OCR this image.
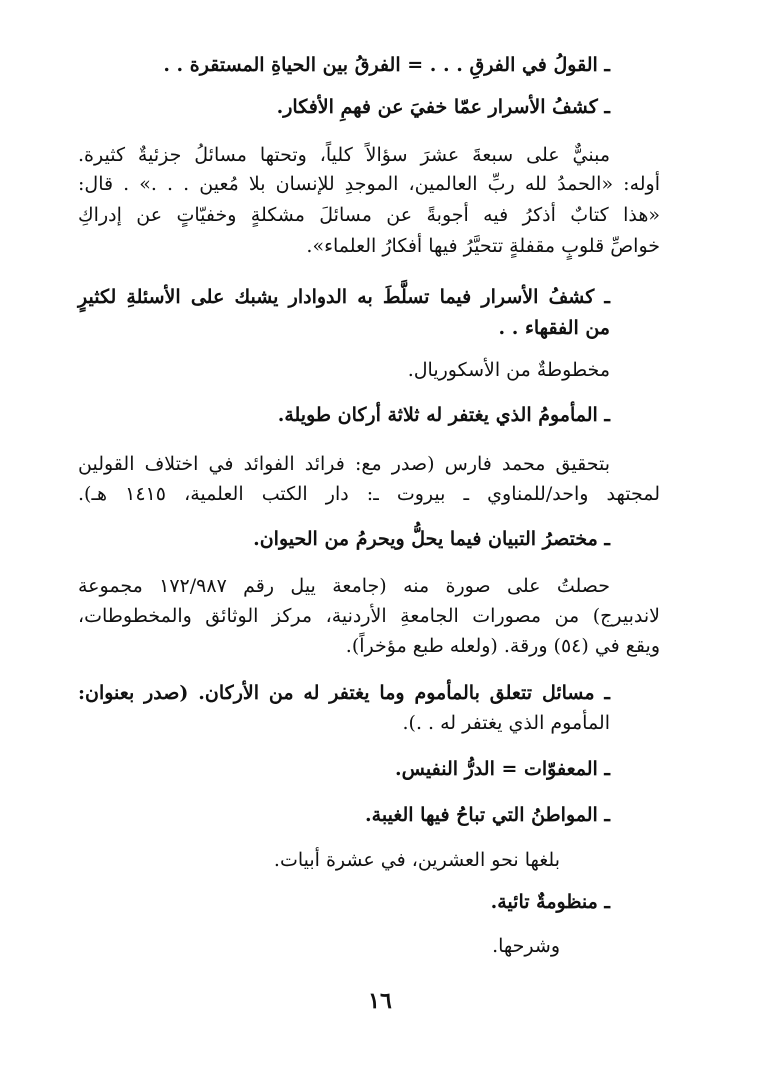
ـ القولُ في الفرقِ . . . = الفرقُ بين الحياةِ المستقرة . .
ـ كشفُ الأسرار عمّا خفيَ عن فهمِ الأفكار.
مبنيٌّ على سبعةَ عشرَ سؤالاً كلياً، وتحتها مسائلُ جزئيةٌ كثيرة.
أوله: «الحمدُ لله ربِّ العالمين، الموجدِ للإنسان بلا مُعين . . .» . قال:
«هذا كتابٌ أذكرُ فيه أجوبةً عن مسائلَ مشكلةٍ وخفيّاتٍ عن إدراكِ
خواصِّ قلوبٍ مقفلةٍ تتحيَّرُ فيها أفكارُ العلماء».
ـ كشفُ الأسرار فيما تسلَّطَ به الدوادار يشبك على الأسئلةِ لكثيرٍ
من الفقهاء . .
مخطوطةٌ من الأسكوريال.
ـ المأمومُ الذي يغتفر له ثلاثة أركان طويلة.
بتحقيق محمد فارس (صدر مع: فرائد الفوائد في اختلاف القولين
لمجتهد واحد/للمناوي ـ بيروت ـ: دار الكتب العلمية، ١٤١٥ هـ).
ـ مختصرُ التبيان فيما يحلُّ ويحرمُ من الحيوان.
حصلتُ على صورة منه (جامعة ييل رقم ١٧٢/٩٨٧ مجموعة
لاندبيرج) من مصورات الجامعةِ الأردنية، مركز الوثائق والمخطوطات،
ويقع في (٥٤) ورقة. (ولعله طبع مؤخراً).
ـ مسائل تتعلق بالمأموم وما يغتفر له من الأركان. (صدر بعنوان:
المأموم الذي يغتفر له . .).
ـ المعفوّات = الدرُّ النفيس.
ـ المواطنُ التي تباحُ فيها الغيبة.
بلغها نحو العشرين، في عشرة أبيات.
ـ منظومةٌ تائية.
وشرحها.
١٦
